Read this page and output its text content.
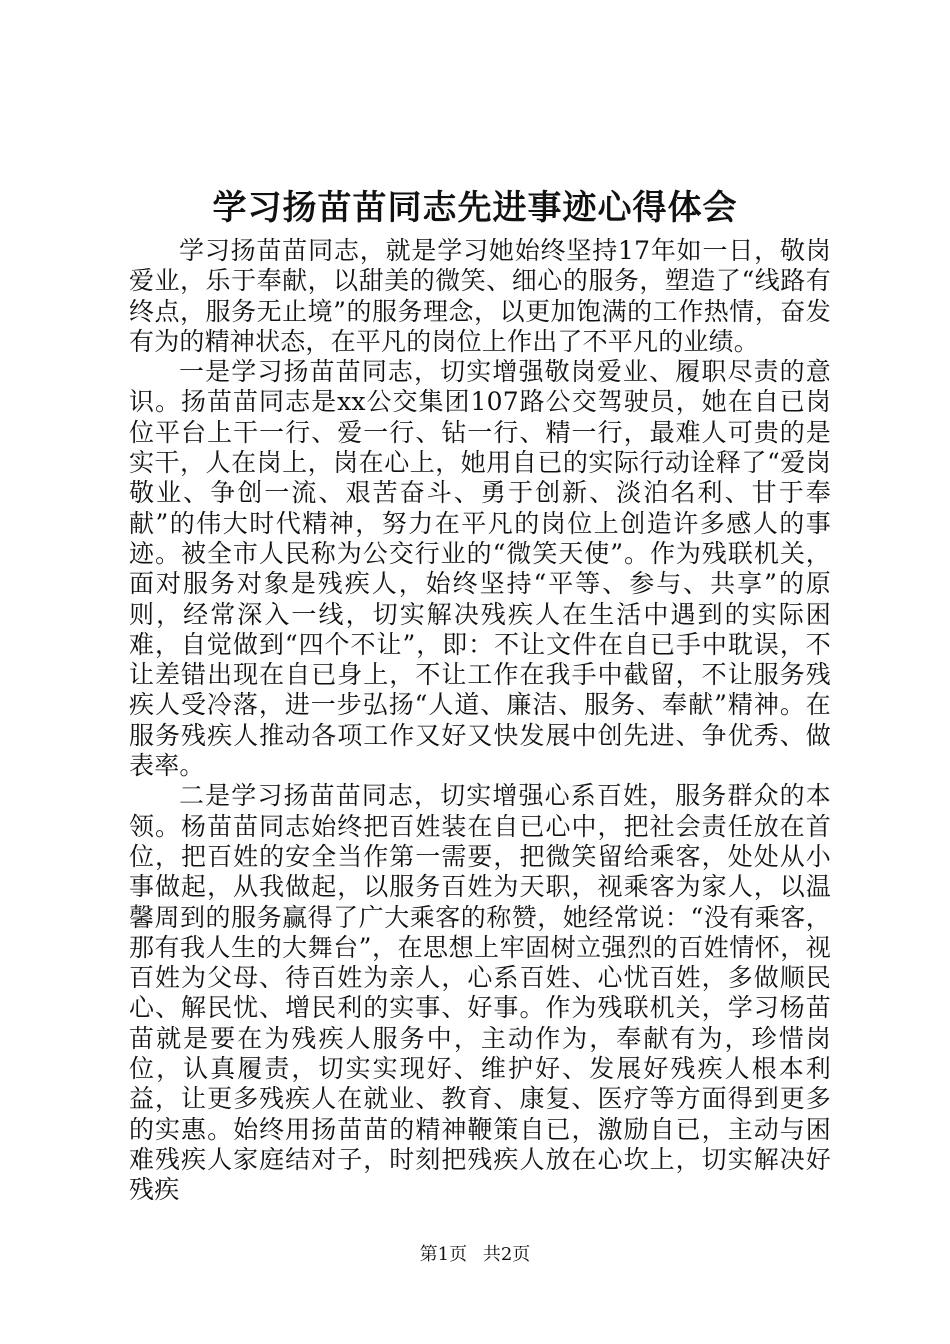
学习扬苗苗同志先进事迹心得体会

学习扬苗苗同志，就是学习她始终坚持17年如一日，敬岗爱业，乐于奉献，以甜美的微笑、细心的服务，塑造了“线路有终点，服务无止境”的服务理念，以更加饱满的工作热情，奋发有为的精神状态，在平凡的岗位上作出了不平凡的业绩。

一是学习扬苗苗同志，切实增强敬岗爱业、履职尽责的意识。扬苗苗同志是xx公交集团107路公交驾驶员，她在自已岗位平台上干一行、爱一行、钻一行、精一行，最难人可贵的是实干，人在岗上，岗在心上，她用自已的实际行动诠释了“爱岗敬业、争创一流、艰苦奋斗、勇于创新、淡泊名利、甘于奉献”的伟大时代精神，努力在平凡的岗位上创造许多感人的事迹。被全市人民称为公交行业的“微笑天使”。作为残联机关，面对服务对象是残疾人，始终坚持“平等、参与、共享”的原则，经常深入一线，切实解决残疾人在生活中遇到的实际困难，自觉做到“四个不让”，即：不让文件在自已手中耽误，不让差错出现在自已身上，不让工作在我手中截留，不让服务残疾人受冷落，进一步弘扬“人道、廉洁、服务、奉献”精神。在服务残疾人推动各项工作又好又快发展中创先进、争优秀、做表率。

二是学习扬苗苗同志，切实增强心系百姓，服务群众的本领。杨苗苗同志始终把百姓装在自已心中，把社会责任放在首位，把百姓的安全当作第一需要，把微笑留给乘客，处处从小事做起，从我做起，以服务百姓为天职，视乘客为家人，以温馨周到的服务赢得了广大乘客的称赞，她经常说：“没有乘客，那有我人生的大舞台”，在思想上牢固树立强烈的百姓情怀，视百姓为父母、待百姓为亲人，心系百姓、心忧百姓，多做顺民心、解民忧、增民利的实事、好事。作为残联机关，学习杨苗苗就是要在为残疾人服务中，主动作为，奉献有为，珍惜岗位，认真履责，切实实现好、维护好、发展好残疾人根本利益，让更多残疾人在就业、教育、康复、医疗等方面得到更多的实惠。始终用扬苗苗的精神鞭策自已，激励自已，主动与困难残疾人家庭结对子，时刻把残疾人放在心坎上，切实解决好残疾

第1页 共2页
